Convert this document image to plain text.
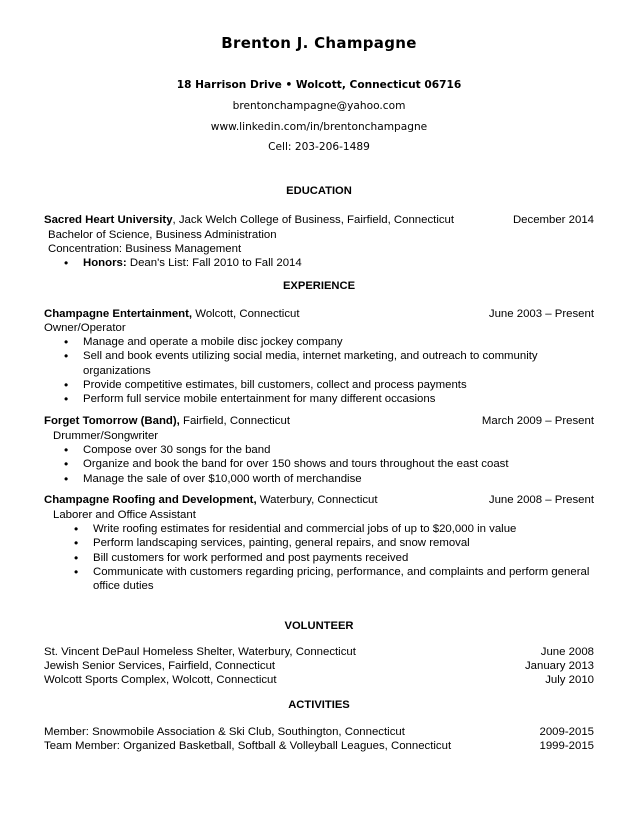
Brenton J. Champagne
18 Harrison Drive • Wolcott, Connecticut 06716
brentonchampagne@yahoo.com
www.linkedin.com/in/brentonchampagne
Cell: 203-206-1489
EDUCATION
Sacred Heart University, Jack Welch College of Business, Fairfield, Connecticut	December 2014
Bachelor of Science, Business Administration
Concentration: Business Management
• Honors: Dean's List: Fall 2010 to Fall 2014
EXPERIENCE
Champagne Entertainment, Wolcott, Connecticut	June 2003 – Present
Owner/Operator
• Manage and operate a mobile disc jockey company
• Sell and book events utilizing social media, internet marketing, and outreach to community organizations
• Provide competitive estimates, bill customers, collect and process payments
• Perform full service mobile entertainment for many different occasions
Forget Tomorrow (Band), Fairfield, Connecticut	March 2009 – Present
Drummer/Songwriter
• Compose over 30 songs for the band
• Organize and book the band for over 150 shows and tours throughout the east coast
• Manage the sale of over $10,000 worth of merchandise
Champagne Roofing and Development, Waterbury, Connecticut	June 2008 – Present
Laborer and Office Assistant
• Write roofing estimates for residential and commercial jobs of up to $20,000 in value
• Perform landscaping services, painting, general repairs, and snow removal
• Bill customers for work performed and post payments received
• Communicate with customers regarding pricing, performance, and complaints and perform general office duties
VOLUNTEER
St. Vincent DePaul Homeless Shelter, Waterbury, Connecticut	June 2008
Jewish Senior Services, Fairfield, Connecticut	January 2013
Wolcott Sports Complex, Wolcott, Connecticut	July 2010
ACTIVITIES
Member: Snowmobile Association & Ski Club, Southington, Connecticut	2009-2015
Team Member: Organized Basketball, Softball & Volleyball Leagues, Connecticut	1999-2015
